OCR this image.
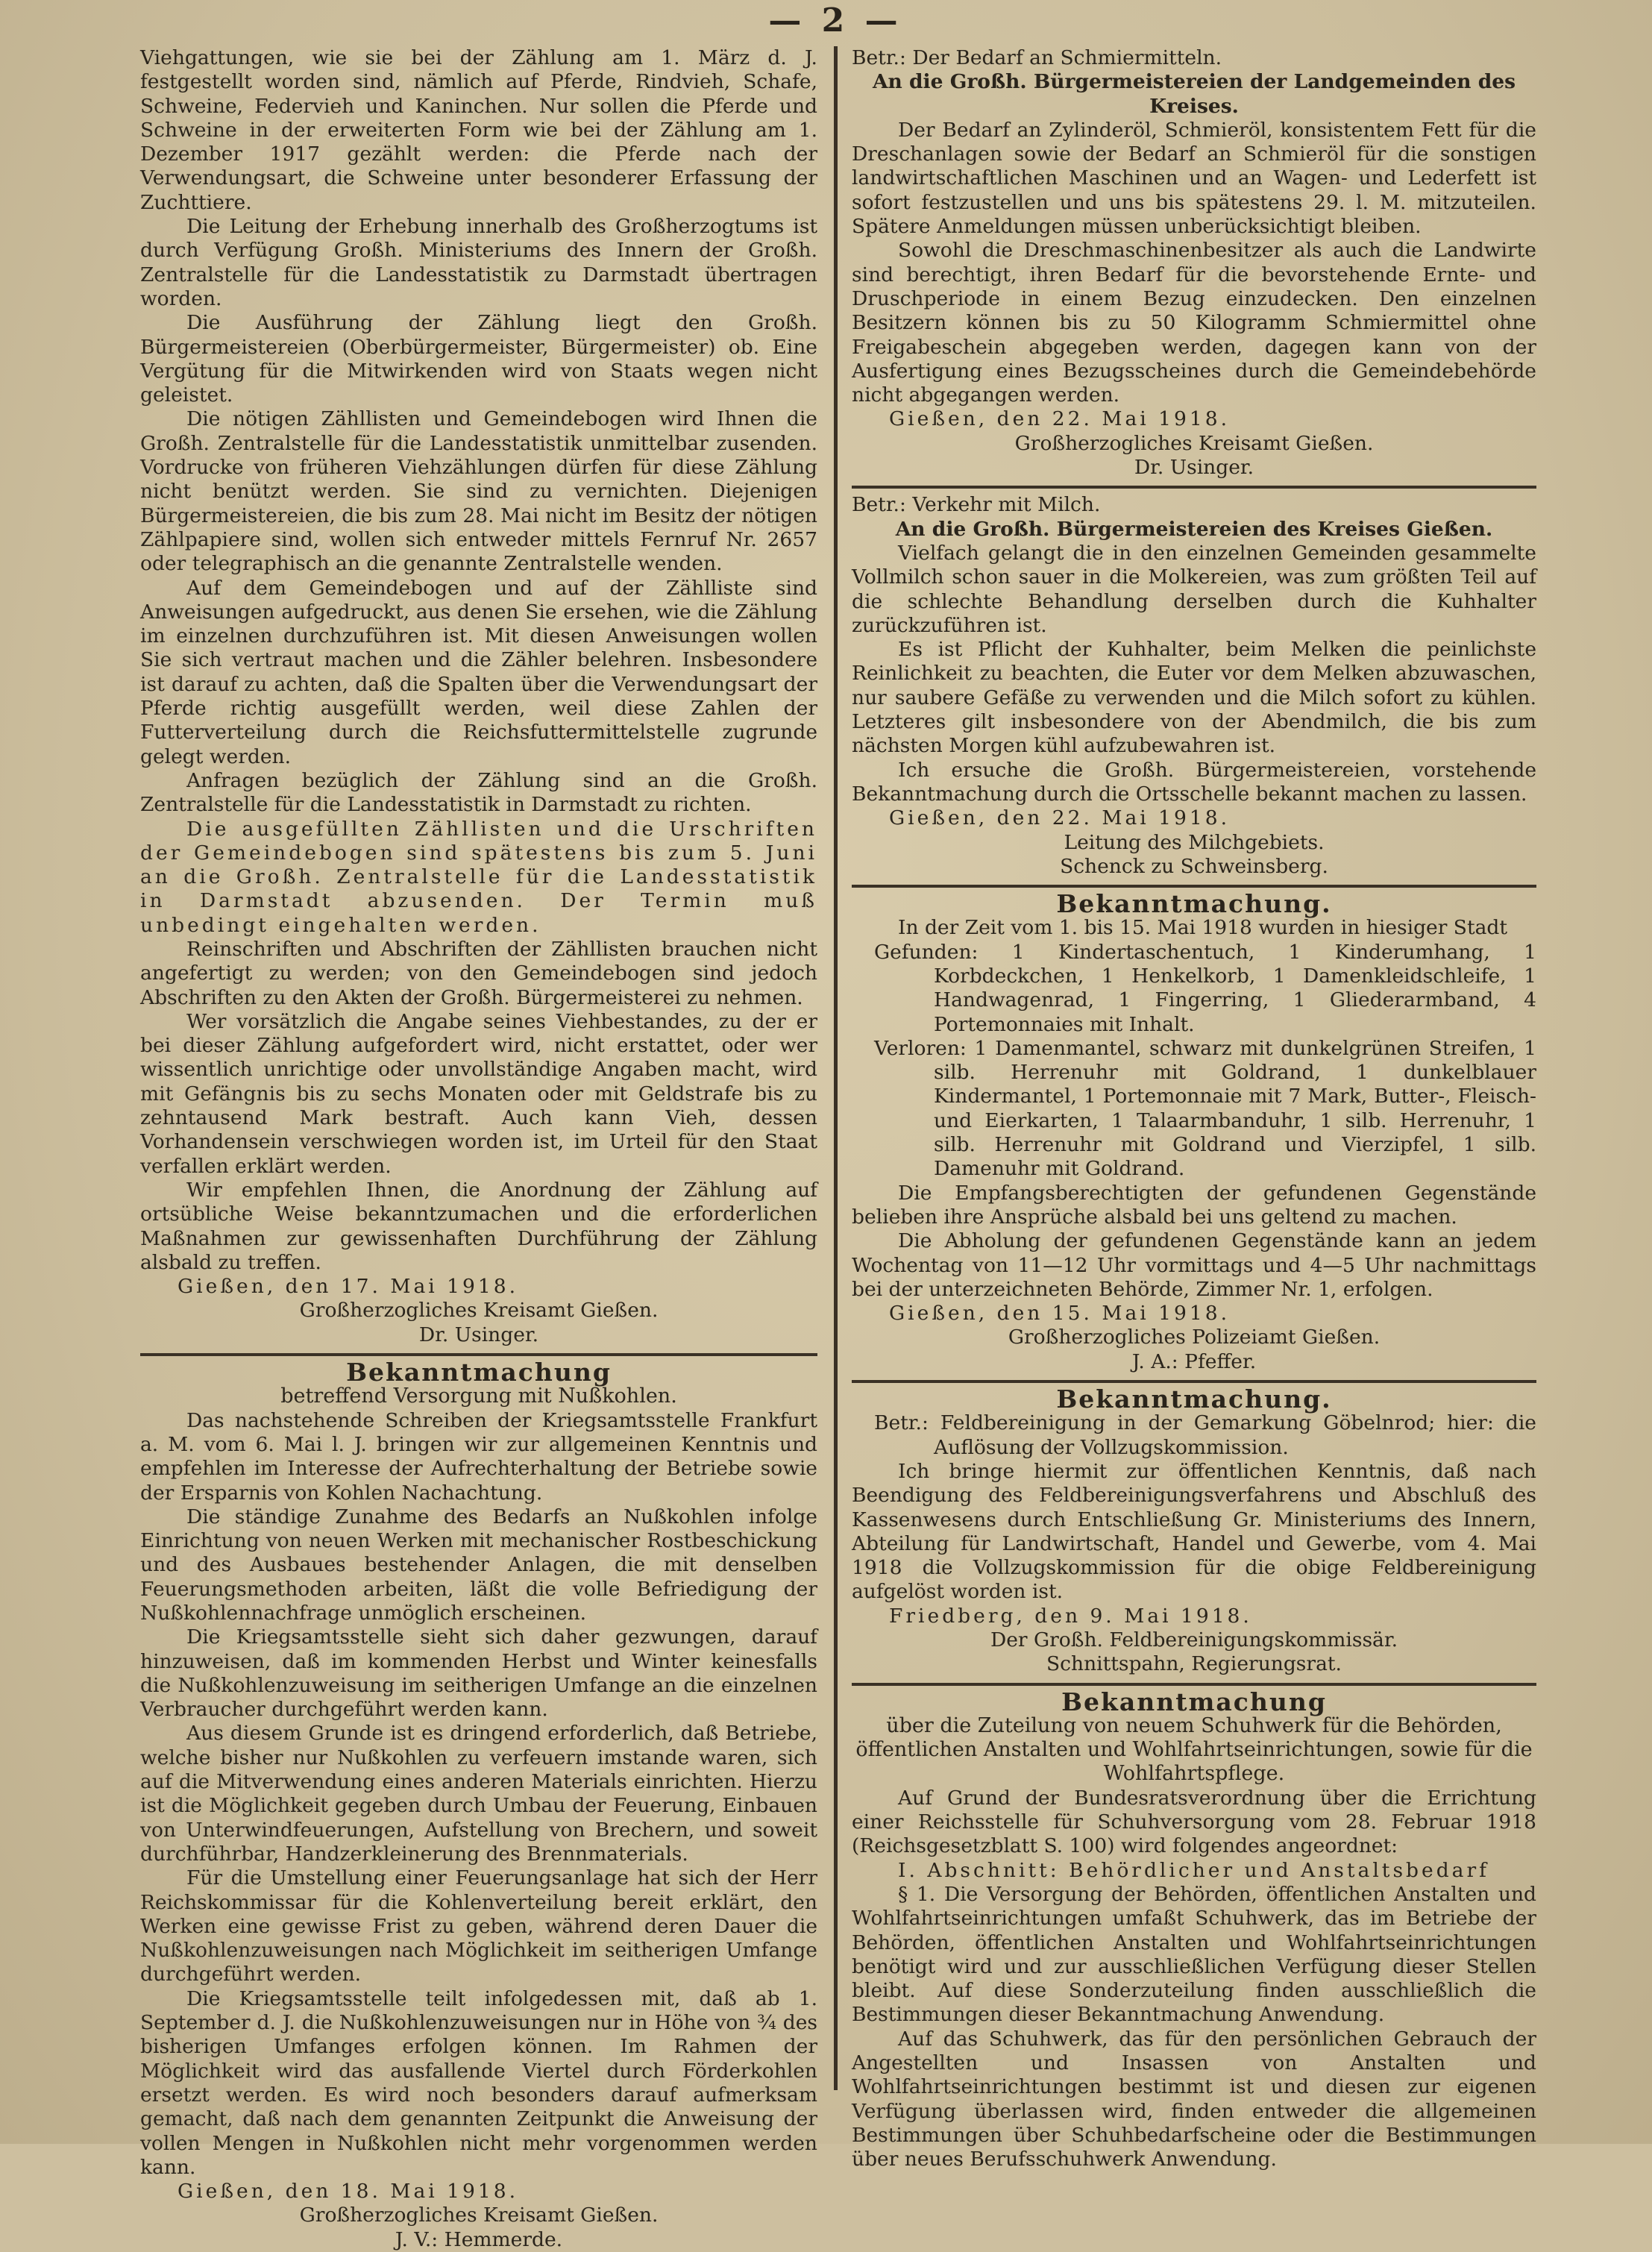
— 2 —

Viehgattungen, wie sie bei der Zählung am 1. März d. J. festgestellt worden sind, nämlich auf Pferde, Rindvieh, Schafe, Schweine, Federvieh und Kaninchen. Nur sollen die Pferde und Schweine in der erweiterten Form wie bei der Zählung am 1. Dezember 1917 gezählt werden: die Pferde nach der Verwendungsart, die Schweine unter besonderer Erfassung der Zuchttiere.

Die Leitung der Erhebung innerhalb des Großherzogtums ist durch Verfügung Großh. Ministeriums des Innern der Großh. Zentralstelle für die Landesstatistik zu Darmstadt übertragen worden.

Die Ausführung der Zählung liegt den Großh. Bürgermeistereien (Oberbürgermeister, Bürgermeister) ob. Eine Vergütung für die Mitwirkenden wird von Staats wegen nicht geleistet.

Die nötigen Zähllisten und Gemeindebogen wird Ihnen die Großh. Zentralstelle für die Landesstatistik unmittelbar zusenden. Vordrucke von früheren Viehzählungen dürfen für diese Zählung nicht benützt werden. Sie sind zu vernichten. Diejenigen Bürgermeistereien, die bis zum 28. Mai nicht im Besitz der nötigen Zählpapiere sind, wollen sich entweder mittels Fernruf Nr. 2657 oder telegraphisch an die genannte Zentralstelle wenden.

Auf dem Gemeindebogen und auf der Zählliste sind Anweisungen aufgedruckt, aus denen Sie ersehen, wie die Zählung im einzelnen durchzuführen ist. Mit diesen Anweisungen wollen Sie sich vertraut machen und die Zähler belehren. Insbesondere ist darauf zu achten, daß die Spalten über die Verwendungsart der Pferde richtig ausgefüllt werden, weil diese Zahlen der Futterverteilung durch die Reichsfuttermittelstelle zugrunde gelegt werden.

Anfragen bezüglich der Zählung sind an die Großh. Zentralstelle für die Landesstatistik in Darmstadt zu richten.

Die ausgefüllten Zähllisten und die Urschriften der Gemeindebogen sind spätestens bis zum 5. Juni an die Großh. Zentralstelle für die Landesstatistik in Darmstadt abzusenden. Der Termin muß unbedingt eingehalten werden.

Reinschriften und Abschriften der Zähllisten brauchen nicht angefertigt zu werden; von den Gemeindebogen sind jedoch Abschriften zu den Akten der Großh. Bürgermeisterei zu nehmen.

Wer vorsätzlich die Angabe seines Viehbestandes, zu der er bei dieser Zählung aufgefordert wird, nicht erstattet, oder wer wissentlich unrichtige oder unvollständige Angaben macht, wird mit Gefängnis bis zu sechs Monaten oder mit Geldstrafe bis zu zehntausend Mark bestraft. Auch kann Vieh, dessen Vorhandensein verschwiegen worden ist, im Urteil für den Staat verfallen erklärt werden.

Wir empfehlen Ihnen, die Anordnung der Zählung auf ortsübliche Weise bekanntzumachen und die erforderlichen Maßnahmen zur gewissenhaften Durchführung der Zählung alsbald zu treffen.

Gießen, den 17. Mai 1918.

Großherzogliches Kreisamt Gießen.

Dr. Usinger.

Bekanntmachung

betreffend Versorgung mit Nußkohlen.

Das nachstehende Schreiben der Kriegsamtsstelle Frankfurt a. M. vom 6. Mai l. J. bringen wir zur allgemeinen Kenntnis und empfehlen im Interesse der Aufrechterhaltung der Betriebe sowie der Ersparnis von Kohlen Nachachtung.

Die ständige Zunahme des Bedarfs an Nußkohlen infolge Einrichtung von neuen Werken mit mechanischer Rostbeschickung und des Ausbaues bestehender Anlagen, die mit denselben Feuerungsmethoden arbeiten, läßt die volle Befriedigung der Nußkohlennachfrage unmöglich erscheinen.

Die Kriegsamtsstelle sieht sich daher gezwungen, darauf hinzuweisen, daß im kommenden Herbst und Winter keinesfalls die Nußkohlenzuweisung im seitherigen Umfange an die einzelnen Verbraucher durchgeführt werden kann.

Aus diesem Grunde ist es dringend erforderlich, daß Betriebe, welche bisher nur Nußkohlen zu verfeuern imstande waren, sich auf die Mitverwendung eines anderen Materials einrichten. Hierzu ist die Möglichkeit gegeben durch Umbau der Feuerung, Einbauen von Unterwindfeuerungen, Aufstellung von Brechern, und soweit durchführbar, Handzerkleinerung des Brennmaterials.

Für die Umstellung einer Feuerungsanlage hat sich der Herr Reichskommissar für die Kohlenverteilung bereit erklärt, den Werken eine gewisse Frist zu geben, während deren Dauer die Nußkohlenzuweisungen nach Möglichkeit im seitherigen Umfange durchgeführt werden.

Die Kriegsamtsstelle teilt infolgedessen mit, daß ab 1. September d. J. die Nußkohlenzuweisungen nur in Höhe von ¾ des bisherigen Umfanges erfolgen können. Im Rahmen der Möglichkeit wird das ausfallende Viertel durch Förderkohlen ersetzt werden. Es wird noch besonders darauf aufmerksam gemacht, daß nach dem genannten Zeitpunkt die Anweisung der vollen Mengen in Nußkohlen nicht mehr vorgenommen werden kann.

Gießen, den 18. Mai 1918.

Großherzogliches Kreisamt Gießen.

J. V.: Hemmerde.

Betr.: Der Bedarf an Schmiermitteln.

An die Großh. Bürgermeistereien der Landgemeinden des Kreises.

Der Bedarf an Zylinderöl, Schmieröl, konsistentem Fett für die Dreschanlagen sowie der Bedarf an Schmieröl für die sonstigen landwirtschaftlichen Maschinen und an Wagen- und Lederfett ist sofort festzustellen und uns bis spätestens 29. l. M. mitzuteilen. Spätere Anmeldungen müssen unberücksichtigt bleiben.

Sowohl die Dreschmaschinenbesitzer als auch die Landwirte sind berechtigt, ihren Bedarf für die bevorstehende Ernte- und Druschperiode in einem Bezug einzudecken. Den einzelnen Besitzern können bis zu 50 Kilogramm Schmiermittel ohne Freigabeschein abgegeben werden, dagegen kann von der Ausfertigung eines Bezugsscheines durch die Gemeindebehörde nicht abgegangen werden.

Gießen, den 22. Mai 1918.

Großherzogliches Kreisamt Gießen.

Dr. Usinger.

Betr.: Verkehr mit Milch.

An die Großh. Bürgermeistereien des Kreises Gießen.

Vielfach gelangt die in den einzelnen Gemeinden gesammelte Vollmilch schon sauer in die Molkereien, was zum größten Teil auf die schlechte Behandlung derselben durch die Kuhhalter zurückzuführen ist.

Es ist Pflicht der Kuhhalter, beim Melken die peinlichste Reinlichkeit zu beachten, die Euter vor dem Melken abzuwaschen, nur saubere Gefäße zu verwenden und die Milch sofort zu kühlen. Letzteres gilt insbesondere von der Abendmilch, die bis zum nächsten Morgen kühl aufzubewahren ist.

Ich ersuche die Großh. Bürgermeistereien, vorstehende Bekanntmachung durch die Ortsschelle bekannt machen zu lassen.

Gießen, den 22. Mai 1918.

Leitung des Milchgebiets.

Schenck zu Schweinsberg.

Bekanntmachung.

In der Zeit vom 1. bis 15. Mai 1918 wurden in hiesiger Stadt

Gefunden: 1 Kindertaschentuch, 1 Kinderumhang, 1 Korbdeckchen, 1 Henkelkorb, 1 Damenkleidschleife, 1 Handwagenrad, 1 Fingerring, 1 Gliederarmband, 4 Portemonnaies mit Inhalt.

Verloren: 1 Damenmantel, schwarz mit dunkelgrünen Streifen, 1 silb. Herrenuhr mit Goldrand, 1 dunkelblauer Kindermantel, 1 Portemonnaie mit 7 Mark, Butter-, Fleisch- und Eierkarten, 1 Talaarmbanduhr, 1 silb. Herrenuhr, 1 silb. Herrenuhr mit Goldrand und Vierzipfel, 1 silb. Damenuhr mit Goldrand.

Die Empfangsberechtigten der gefundenen Gegenstände belieben ihre Ansprüche alsbald bei uns geltend zu machen.

Die Abholung der gefundenen Gegenstände kann an jedem Wochentag von 11—12 Uhr vormittags und 4—5 Uhr nachmittags bei der unterzeichneten Behörde, Zimmer Nr. 1, erfolgen.

Gießen, den 15. Mai 1918.

Großherzogliches Polizeiamt Gießen.

J. A.: Pfeffer.

Bekanntmachung.

Betr.: Feldbereinigung in der Gemarkung Göbelnrod; hier: die Auflösung der Vollzugskommission.

Ich bringe hiermit zur öffentlichen Kenntnis, daß nach Beendigung des Feldbereinigungsverfahrens und Abschluß des Kassenwesens durch Entschließung Gr. Ministeriums des Innern, Abteilung für Landwirtschaft, Handel und Gewerbe, vom 4. Mai 1918 die Vollzugskommission für die obige Feldbereinigung aufgelöst worden ist.

Friedberg, den 9. Mai 1918.

Der Großh. Feldbereinigungskommissär.

Schnittspahn, Regierungsrat.

Bekanntmachung

über die Zuteilung von neuem Schuhwerk für die Behörden, öffentlichen Anstalten und Wohlfahrtseinrichtungen, sowie für die Wohlfahrtspflege.

Auf Grund der Bundesratsverordnung über die Errichtung einer Reichsstelle für Schuhversorgung vom 28. Februar 1918 (Reichsgesetzblatt S. 100) wird folgendes angeordnet:

I. Abschnitt: Behördlicher und Anstaltsbedarf

§ 1. Die Versorgung der Behörden, öffentlichen Anstalten und Wohlfahrtseinrichtungen umfaßt Schuhwerk, das im Betriebe der Behörden, öffentlichen Anstalten und Wohlfahrtseinrichtungen benötigt wird und zur ausschließlichen Verfügung dieser Stellen bleibt. Auf diese Sonderzuteilung finden ausschließlich die Bestimmungen dieser Bekanntmachung Anwendung.

Auf das Schuhwerk, das für den persönlichen Gebrauch der Angestellten und Insassen von Anstalten und Wohlfahrtseinrichtungen bestimmt ist und diesen zur eigenen Verfügung überlassen wird, finden entweder die allgemeinen Bestimmungen über Schuhbedarfscheine oder die Bestimmungen über neues Berufsschuhwerk Anwendung.
